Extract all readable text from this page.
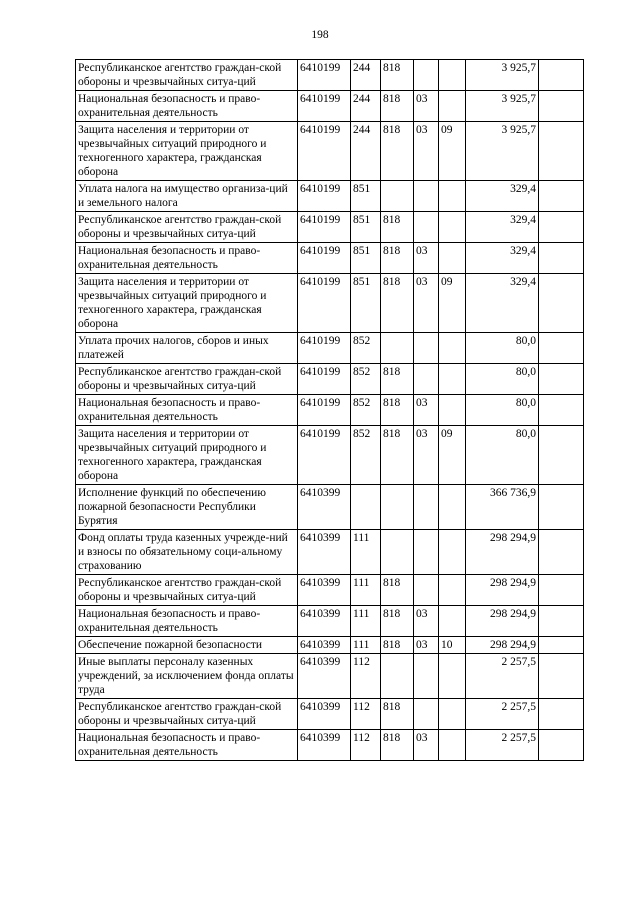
198
Республиканское агентство граждан-ской обороны и чрезвычайных ситуа-ций	6410199	244	818			3 925,7	
Национальная безопасность и право-охранительная деятельность	6410199	244	818	03		3 925,7	
Защита населения и территории от чрезвычайных ситуаций природного и техногенного характера, гражданская оборона	6410199	244	818	03	09	3 925,7	
Уплата налога на имущество организа-ций и земельного налога	6410199	851				329,4	
Республиканское агентство граждан-ской обороны и чрезвычайных ситуа-ций	6410199	851	818			329,4	
Национальная безопасность и право-охранительная деятельность	6410199	851	818	03		329,4	
Защита населения и территории от чрезвычайных ситуаций природного и техногенного характера, гражданская оборона	6410199	851	818	03	09	329,4	
Уплата прочих налогов, сборов и иных платежей	6410199	852				80,0	
Республиканское агентство граждан-ской обороны и чрезвычайных ситуа-ций	6410199	852	818			80,0	
Национальная безопасность и право-охранительная деятельность	6410199	852	818	03		80,0	
Защита населения и территории от чрезвычайных ситуаций природного и техногенного характера, гражданская оборона	6410199	852	818	03	09	80,0	
Исполнение функций по обеспечению пожарной безопасности Республики Бурятия	6410399					366 736,9	
Фонд оплаты труда казенных учрежде-ний и взносы по обязательному соци-альному страхованию	6410399	111				298 294,9	
Республиканское агентство граждан-ской обороны и чрезвычайных ситуа-ций	6410399	111	818			298 294,9	
Национальная безопасность и право-охранительная деятельность	6410399	111	818	03		298 294,9	
Обеспечение пожарной безопасности	6410399	111	818	03	10	298 294,9	
Иные выплаты персоналу казенных учреждений, за исключением фонда оплаты труда	6410399	112				2 257,5	
Республиканское агентство граждан-ской обороны и чрезвычайных ситуа-ций	6410399	112	818			2 257,5	
Национальная безопасность и право-охранительная деятельность	6410399	112	818	03		2 257,5	
